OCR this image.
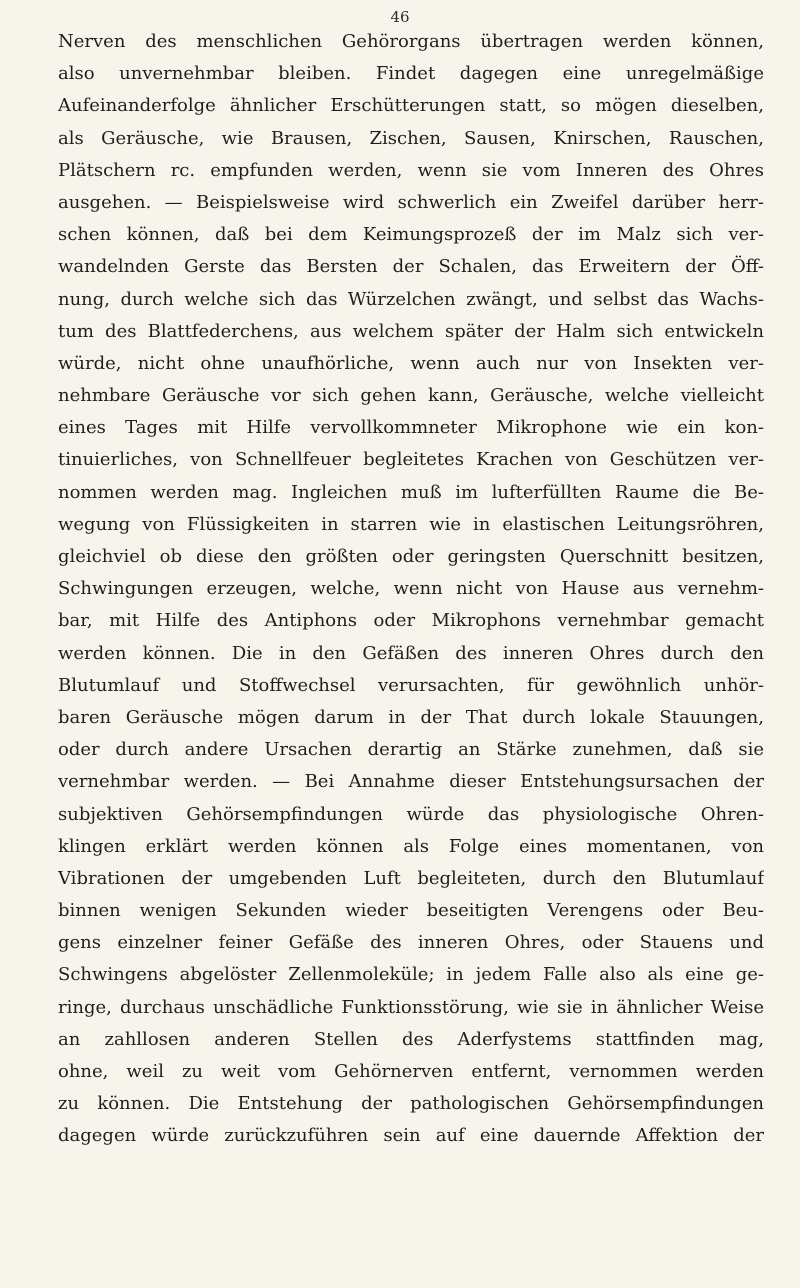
46
Nerven des menschlichen Gehörorgans übertragen werden können,
also unvernehmbar bleiben. Findet dagegen eine unregelmäßige
Aufeinanderfolge ähnlicher Erschütterungen statt, so mögen dieselben,
als Geräusche, wie Brausen, Zischen, Sausen, Knirschen, Rauschen,
Plätschern rc. empfunden werden, wenn sie vom Inneren des Ohres
ausgehen. — Beispielsweise wird schwerlich ein Zweifel darüber herr-
schen können, daß bei dem Keimungsprozeß der im Malz sich ver-
wandelnden Gerste das Bersten der Schalen, das Erweitern der Öff-
nung, durch welche sich das Würzelchen zwängt, und selbst das Wachs-
tum des Blattfederchens, aus welchem später der Halm sich entwickeln
würde, nicht ohne unaufhörliche, wenn auch nur von Insekten ver-
nehmbare Geräusche vor sich gehen kann, Geräusche, welche vielleicht
eines Tages mit Hilfe vervollkommneter Mikrophone wie ein kon-
tinuierliches, von Schnellfeuer begleitetes Krachen von Geschützen ver-
nommen werden mag. Ingleichen muß im lufterfüllten Raume die Be-
wegung von Flüssigkeiten in starren wie in elastischen Leitungsröhren,
gleichviel ob diese den größten oder geringsten Querschnitt besitzen,
Schwingungen erzeugen, welche, wenn nicht von Hause aus vernehm-
bar, mit Hilfe des Antiphons oder Mikrophons vernehmbar gemacht
werden können. Die in den Gefäßen des inneren Ohres durch den
Blutumlauf und Stoffwechsel verursachten, für gewöhnlich unhör-
baren Geräusche mögen darum in der That durch lokale Stauungen,
oder durch andere Ursachen derartig an Stärke zunehmen, daß sie
vernehmbar werden. — Bei Annahme dieser Entstehungsursachen der
subjektiven Gehörsempfindungen würde das physiologische Ohren-
klingen erklärt werden können als Folge eines momentanen, von
Vibrationen der umgebenden Luft begleiteten, durch den Blutumlauf
binnen wenigen Sekunden wieder beseitigten Verengens oder Beu-
gens einzelner feiner Gefäße des inneren Ohres, oder Stauens und
Schwingens abgelöster Zellenmoleküle; in jedem Falle also als eine ge-
ringe, durchaus unschädliche Funktionsstörung, wie sie in ähnlicher Weise
an zahllosen anderen Stellen des Aderfystems stattfinden mag,
ohne, weil zu weit vom Gehörnerven entfernt, vernommen werden
zu können. Die Entstehung der pathologischen Gehörsempfindungen
dagegen würde zurückzuführen sein auf eine dauernde Affektion der
